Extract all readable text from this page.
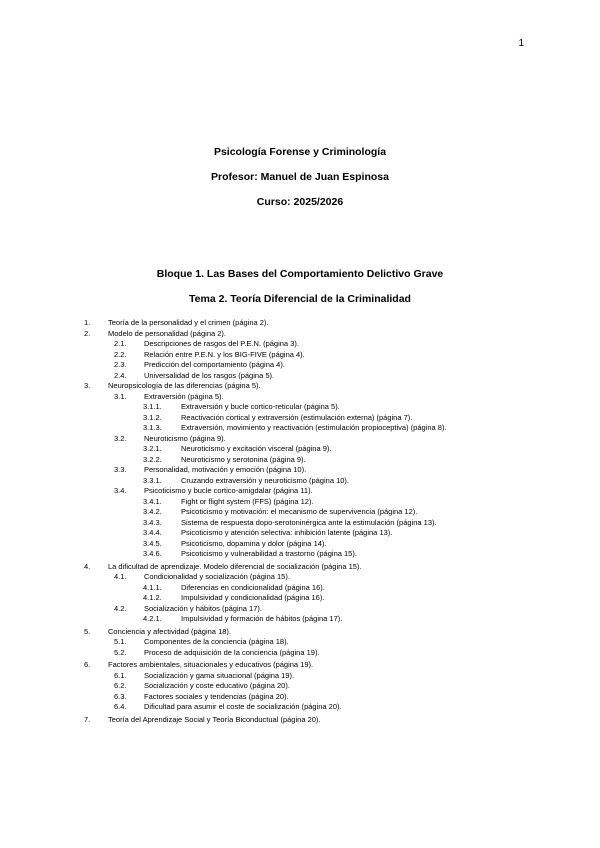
1
Psicología Forense y Criminología
Profesor: Manuel de Juan Espinosa
Curso: 2025/2026
Bloque 1. Las Bases del Comportamiento Delictivo Grave
Tema 2. Teoría Diferencial de la Criminalidad
1. Teoría de la personalidad y el crimen (página 2).
2. Modelo de personalidad (página 2).
2.1. Descripciones de rasgos del P.E.N. (página 3).
2.2. Relación entre P.E.N. y los BIG-FIVE (página 4).
2.3. Predicción del comportamiento (página 4).
2.4. Universalidad de los rasgos (página 5).
3. Neuropsicología de las diferencias (página 5).
3.1. Extraversión (página 5).
3.1.1.	Extraversión y bucle cortico-reticular (página 5).
3.1.2.	Reactivación cortical y extraversión (estimulación externa) (página 7).
3.1.3.	Extraversión, movimiento y reactivación (estimulación propioceptiva) (página 8).
3.2. Neuroticismo (página 9).
3.2.1.	Neuroticismo y excitación visceral (página 9).
3.2.2.	Neuroticismo y serotonina (página 9).
3.3. Personalidad, motivación y emoción (página 10).
3.3.1.	Cruzando extraversión y neuroticismo (página 10).
3.4. Psicoticismo y bucle cortico-amigdalar (página 11).
3.4.1.	Fight or flight system (FFS) (página 12).
3.4.2.	Psicoticismo y motivación: el mecanismo de supervivencia (página 12).
3.4.3.	Sistema de respuesta dopo-serotoninérgica ante la estimulación (página 13).
3.4.4.	Psicoticismo y atención selectiva: inhibición latente (página 13).
3.4.5.	Psicoticismo, dopamina y dolor (página 14).
3.4.6.	Psicoticismo y vulnerabilidad a trastorno (página 15).
4. La dificultad de aprendizaje. Modelo diferencial de socialización (página 15).
4.1. Condicionalidad y socialización (página 15).
4.1.1.	Diferencias en condicionalidad (página 16).
4.1.2.	Impulsividad y condicionalidad (página 16).
4.2. Socialización y hábitos (página 17).
4.2.1.	Impulsividad y formación de hábitos (página 17).
5. Conciencia y afectividad (página 18).
5.1. Componentes de la conciencia (página 18).
5.2. Proceso de adquisición de la conciencia (página 19).
6. Factores ambientales, situacionales y educativos (página 19).
6.1. Socialización y gama situacional (página 19).
6.2. Socialización y coste educativo (página 20).
6.3. Factores sociales y tendencias (página 20).
6.4. Dificultad para asumir el coste de socialización (página 20).
7. Teoría del Aprendizaje Social y Teoría Biconductual (página 20).
